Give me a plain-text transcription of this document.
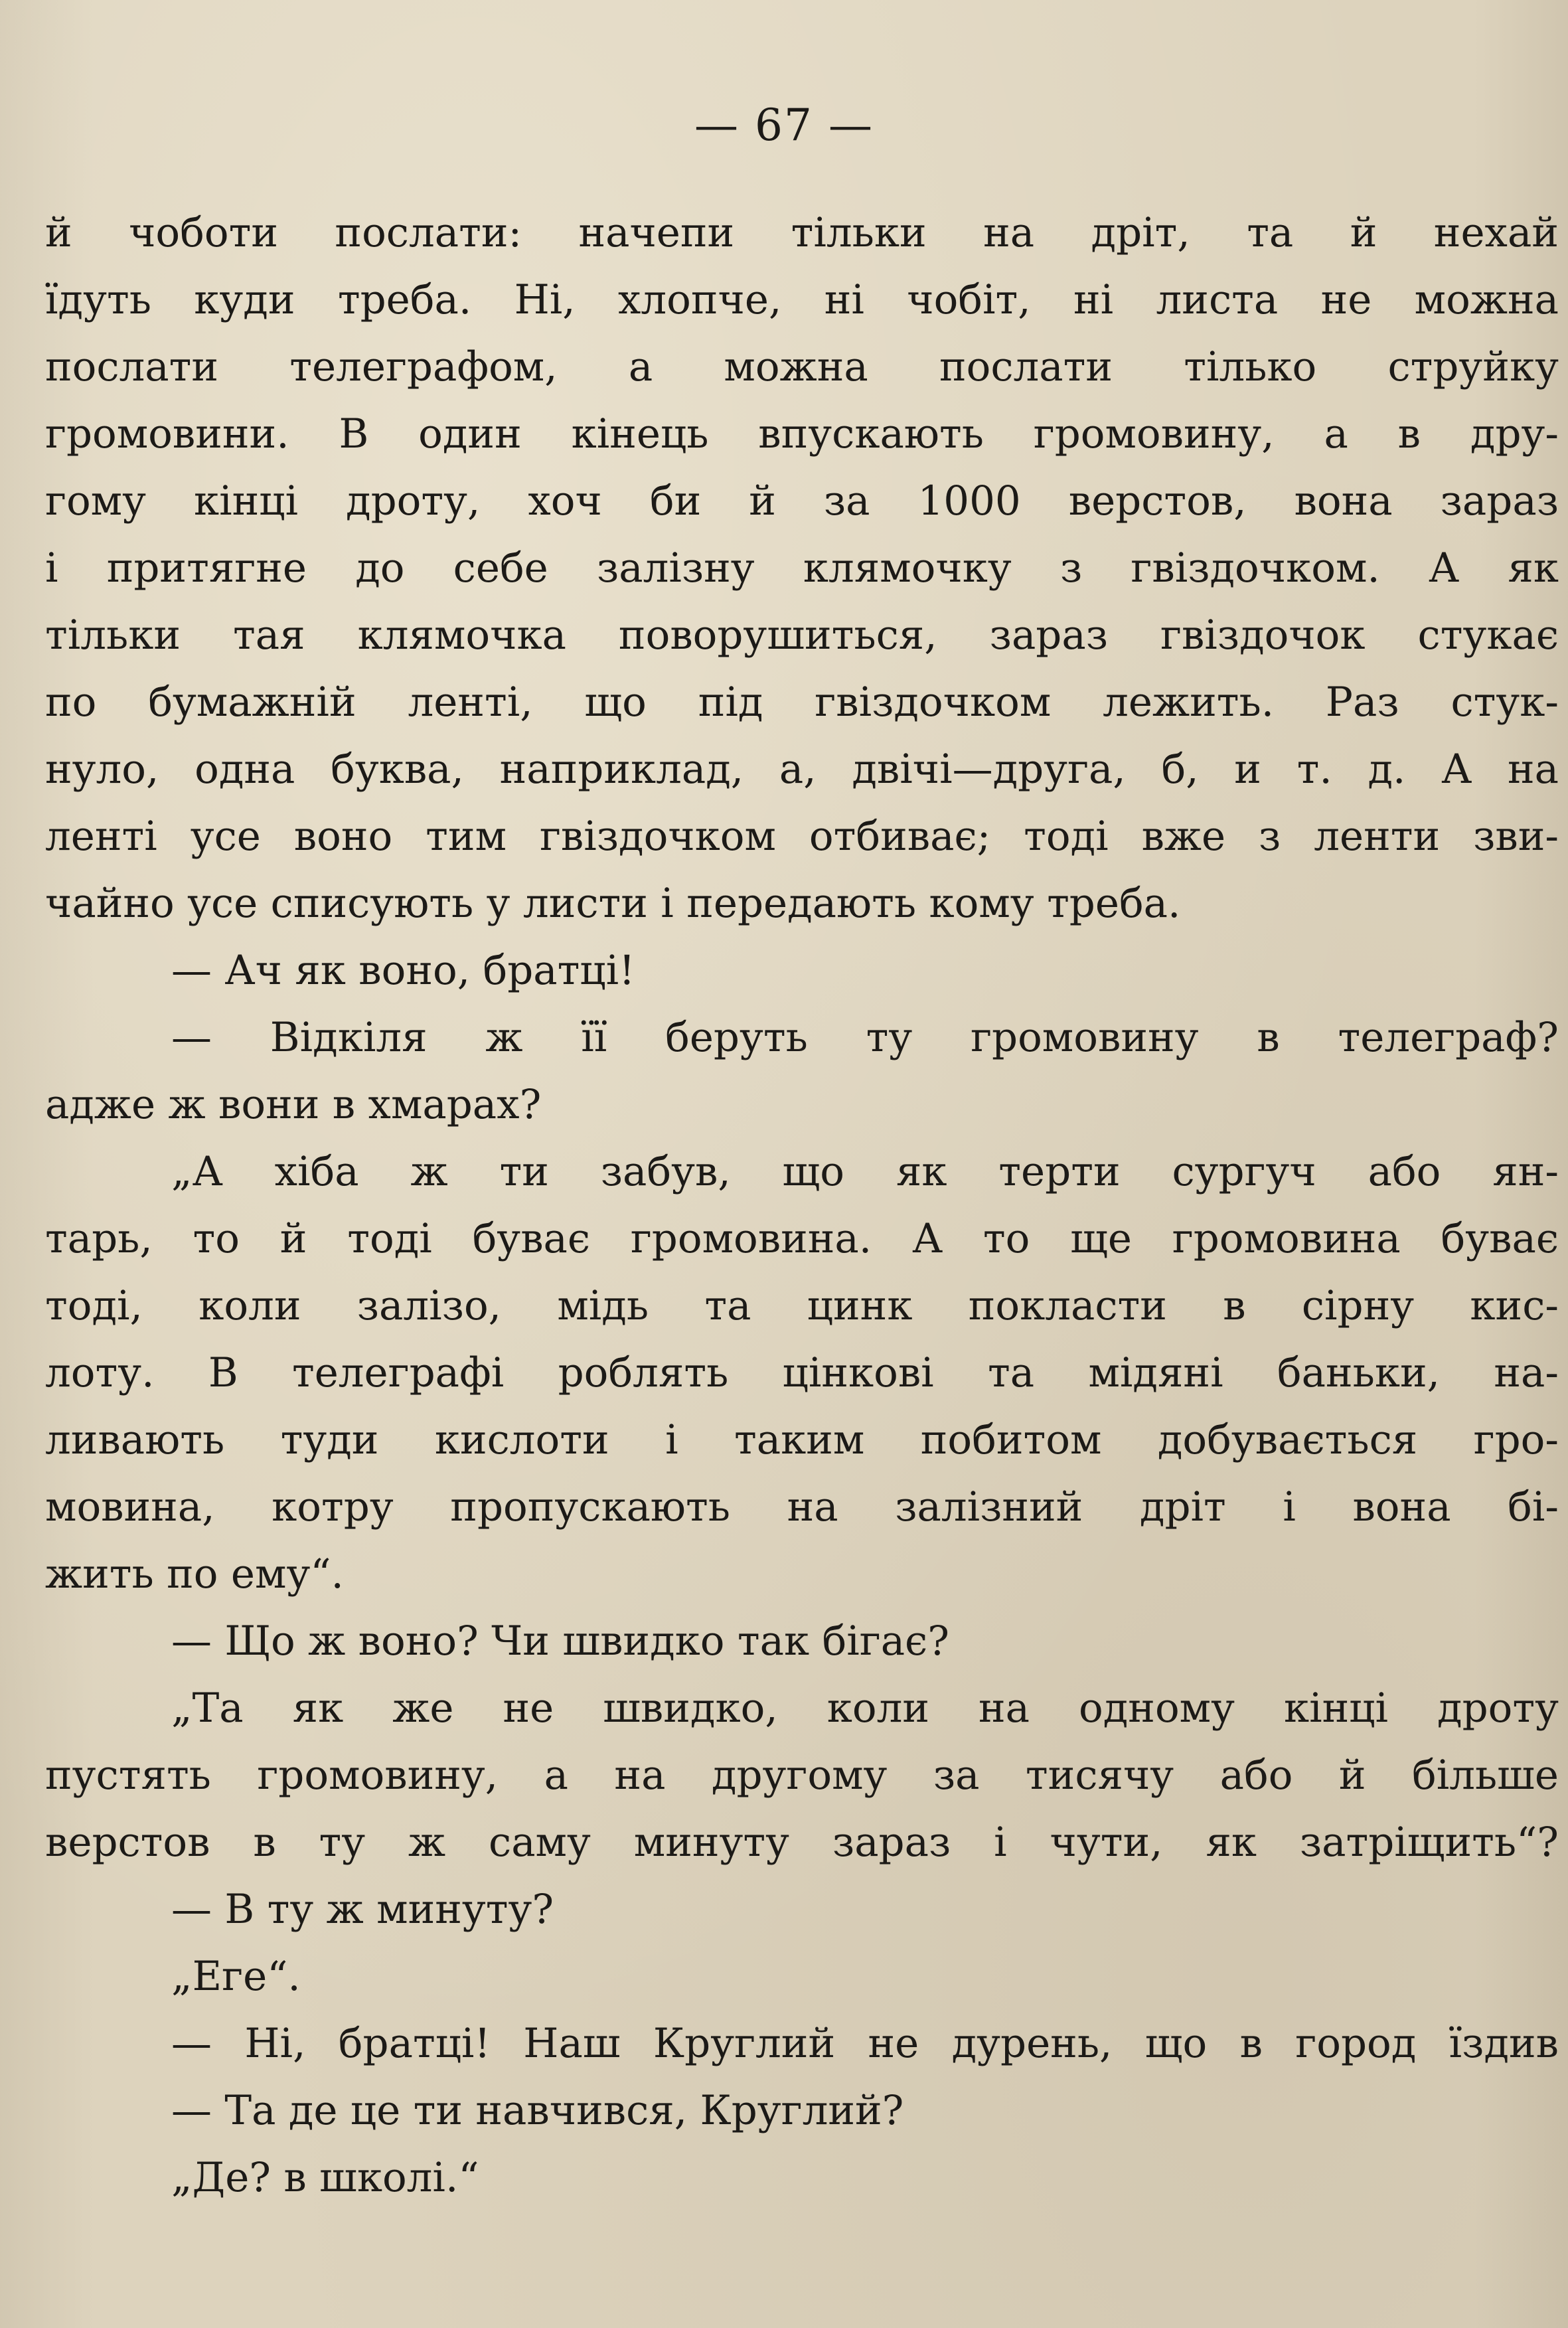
— 67 —
й чоботи послати: начепи тільки на дріт, та й нехай
їдуть куди треба. Ні, хлопче, ні чобіт, ні листа не можна
послати телеграфом, а можна послати тілько струйку
громовини. В один кінець впускають громовину, а в дру-
гому кінці дроту, хоч би й за 1000 верстов, вона зараз
і притягне до себе залізну клямочку з гвіздочком. А як
тільки тая клямочка поворушиться, зараз гвіздочок стукає
по бумажній ленті, що під гвіздочком лежить. Раз стук-
нуло, одна буква, наприклад, а, двічі—друга, б, и т. д. А на
ленті усе воно тим гвіздочком отбиває; тоді вже з ленти зви-
чайно усе списують у листи і передають кому треба.
— Ач як воно, братці!
— Відкіля ж її беруть ту громовину в телеграф?
адже ж вони в хмарах?
„А хіба ж ти забув, що як терти сургуч або ян-
тарь, то й тоді буває громовина. А то ще громовина буває
тоді, коли залізо, мідь та цинк покласти в сірну кис-
лоту. В телеграфі роблять цінкові та мідяні баньки, на-
ливають туди кислоти і таким побитом добувається гро-
мовина, котру пропускають на залізний дріт і вона бі-
жить по ему“.
— Що ж воно? Чи швидко так бігає?
„Та як же не швидко, коли на одному кінці дроту
пустять громовину, а на другому за тисячу або й більше
верстов в ту ж саму минуту зараз і чути, як затріщить“?
— В ту ж минуту?
„Еге“.
— Ні, братці! Наш Круглий не дурень, що в город їздив
— Та де це ти навчився, Круглий?
„Де? в школі.“
